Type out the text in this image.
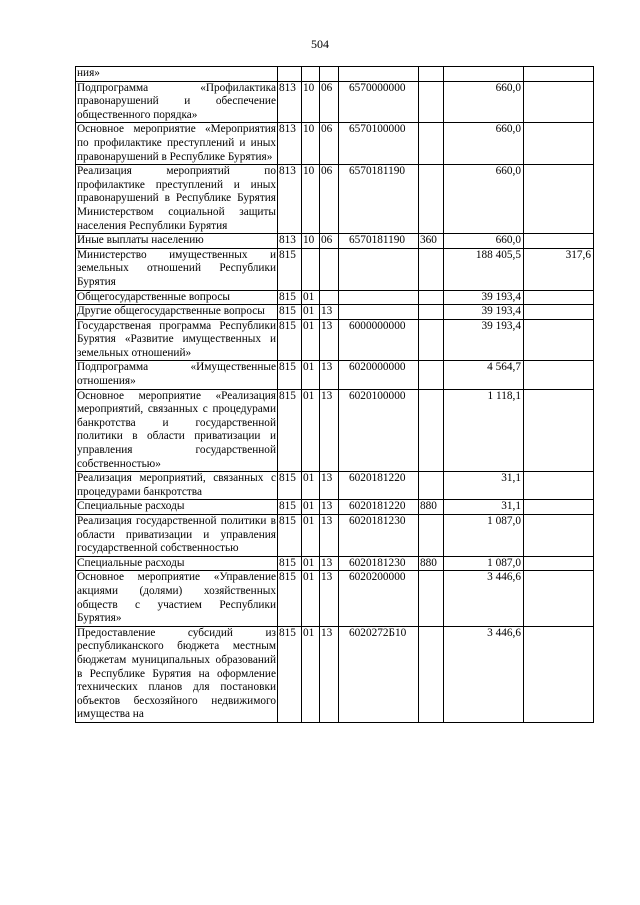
504
ния»							
Подпрограмма «Профилактика правонарушений и обеспечение общественного порядка»	813	10	06	6570000000		660,0	
Основное мероприятие «Мероприятия по профилактике преступлений и иных правонарушений в Республике Бурятия»	813	10	06	6570100000		660,0	
Реализация мероприятий по профилактике преступлений и иных правонарушений в Республике Бурятия Министерством социальной защиты населения Республики Бурятия	813	10	06	6570181190		660,0	
Иные выплаты населению	813	10	06	6570181190	360	660,0	
Министерство имущественных и земельных отношений Республики Бурятия	815					188 405,5	317,6
Общегосударственные вопросы	815	01				39 193,4	
Другие общегосударственные вопросы	815	01	13			39 193,4	
Государственая программа Республики Бурятия «Развитие имущественных и земельных отношений»	815	01	13	6000000000		39 193,4	
Подпрограмма «Имущественные отношения»	815	01	13	6020000000		4 564,7	
Основное мероприятие «Реализация мероприятий, связанных с процедурами банкротства и государственной политики в области приватизации и управления государственной собственностью»	815	01	13	6020100000		1 118,1	
Реализация мероприятий, связанных с процедурами банкротства	815	01	13	6020181220		31,1	
Специальные расходы	815	01	13	6020181220	880	31,1	
Реализация государственной политики в области приватизации и управления государственной собственностью	815	01	13	6020181230		1 087,0	
Специальные расходы	815	01	13	6020181230	880	1 087,0	
Основное мероприятие «Управление акциями (долями) хозяйственных обществ с участием Республики Бурятия»	815	01	13	6020200000		3 446,6	
Предоставление субсидий из республиканского бюджета местным бюджетам муниципальных образований в Республике Бурятия на оформление технических планов для постановки объектов бесхозяйного недвижимого имущества на	815	01	13	6020272Б10		3 446,6	
